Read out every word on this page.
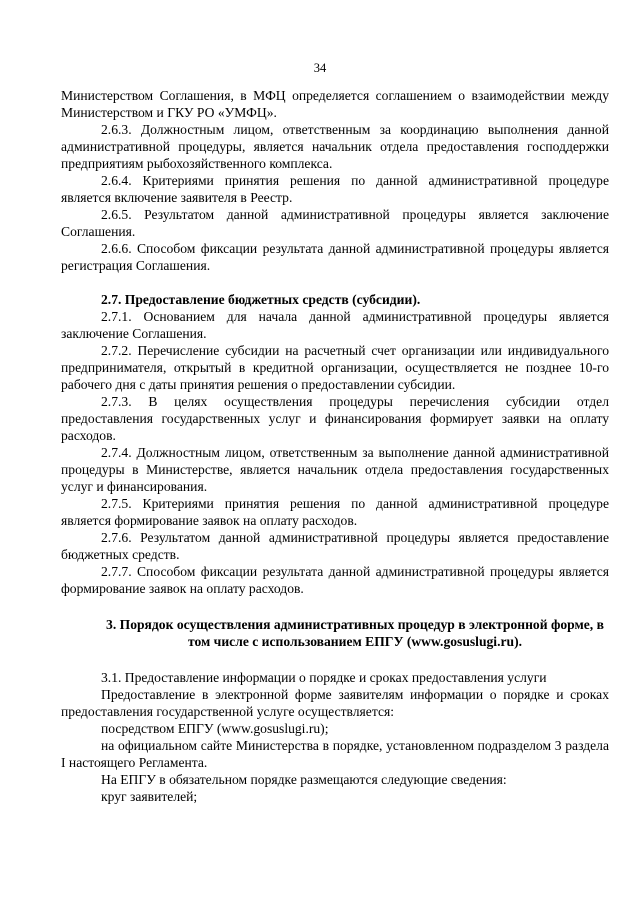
34

Министерством Соглашения, в МФЦ определяется соглашением о взаимодействии между Министерством и ГКУ РО «УМФЦ».

2.6.3. Должностным лицом, ответственным за координацию выполнения данной административной процедуры, является начальник отдела предоставления господдержки предприятиям рыбохозяйственного комплекса.

2.6.4. Критериями принятия решения по данной административной процедуре является включение заявителя в Реестр.

2.6.5. Результатом данной административной процедуры является заключение Соглашения.

2.6.6. Способом фиксации результата данной административной процедуры является регистрация Соглашения.

2.7. Предоставление бюджетных средств (субсидии).

2.7.1. Основанием для начала данной административной процедуры является заключение Соглашения.

2.7.2. Перечисление субсидии на расчетный счет организации или индивидуального предпринимателя, открытый в кредитной организации, осуществляется не позднее 10-го рабочего дня с даты принятия решения о предоставлении субсидии.

2.7.3. В целях осуществления процедуры перечисления субсидии отдел предоставления государственных услуг и финансирования формирует заявки на оплату расходов.

2.7.4. Должностным лицом, ответственным за выполнение данной административной процедуры в Министерстве, является начальник отдела предоставления государственных услуг и финансирования.

2.7.5. Критериями принятия решения по данной административной процедуре является формирование заявок на оплату расходов.

2.7.6. Результатом данной административной процедуры является предоставление бюджетных средств.

2.7.7. Способом фиксации результата данной административной процедуры является формирование заявок на оплату расходов.

3. Порядок осуществления административных процедур в электронной форме, в том числе с использованием ЕПГУ (www.gosuslugi.ru).

3.1. Предоставление информации о порядке и сроках предоставления услуги

Предоставление в электронной форме заявителям информации о порядке и сроках предоставления государственной услуге осуществляется:

посредством ЕПГУ (www.gosuslugi.ru);

на официальном сайте Министерства в порядке, установленном подразделом 3 раздела I настоящего Регламента.

На ЕПГУ в обязательном порядке размещаются следующие сведения:

круг заявителей;
